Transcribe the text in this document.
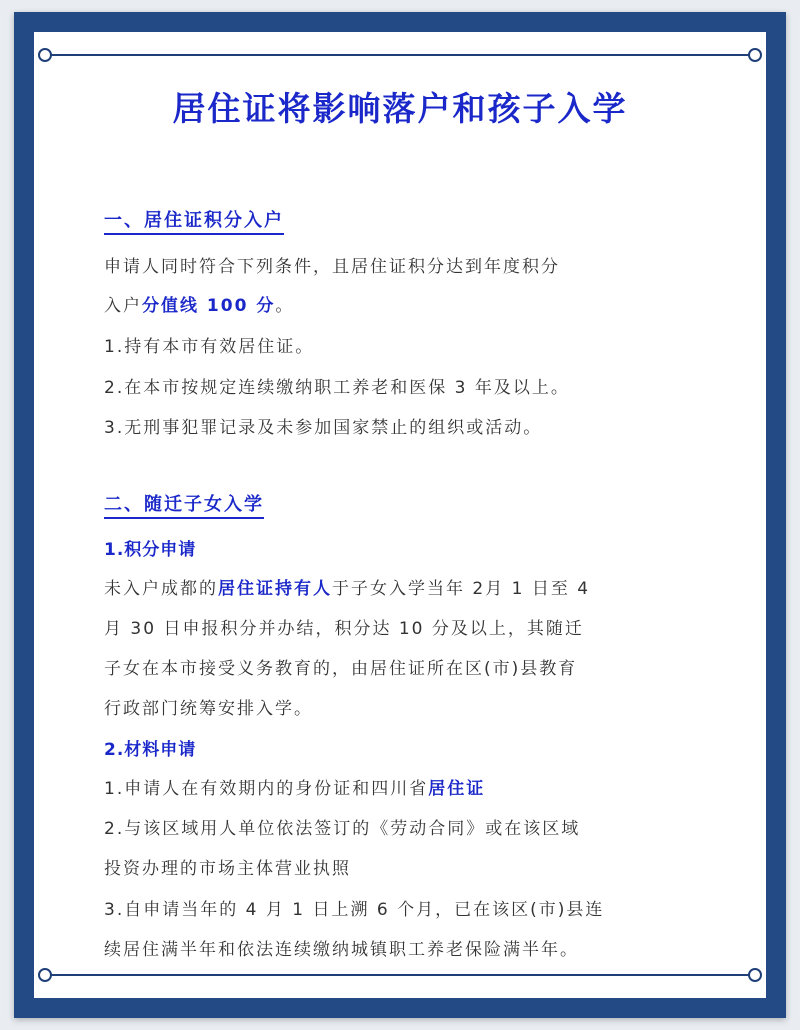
居住证将影响落户和孩子入学
一、居住证积分入户
申请人同时符合下列条件，且居住证积分达到年度积分
入户分值线 100 分。
1.持有本市有效居住证。
2.在本市按规定连续缴纳职工养老和医保 3 年及以上。
3.无刑事犯罪记录及未参加国家禁止的组织或活动。
二、随迁子女入学
1.积分申请
未入户成都的居住证持有人于子女入学当年 2月 1 日至 4
月 30 日申报积分并办结，积分达 10 分及以上，其随迁
子女在本市接受义务教育的，由居住证所在区(市)县教育
行政部门统筹安排入学。
2.材料申请
1.申请人在有效期内的身份证和四川省居住证
2.与该区域用人单位依法签订的《劳动合同》或在该区域
投资办理的市场主体营业执照
3.自申请当年的 4 月 1 日上溯 6 个月，已在该区(市)县连
续居住满半年和依法连续缴纳城镇职工养老保险满半年。
